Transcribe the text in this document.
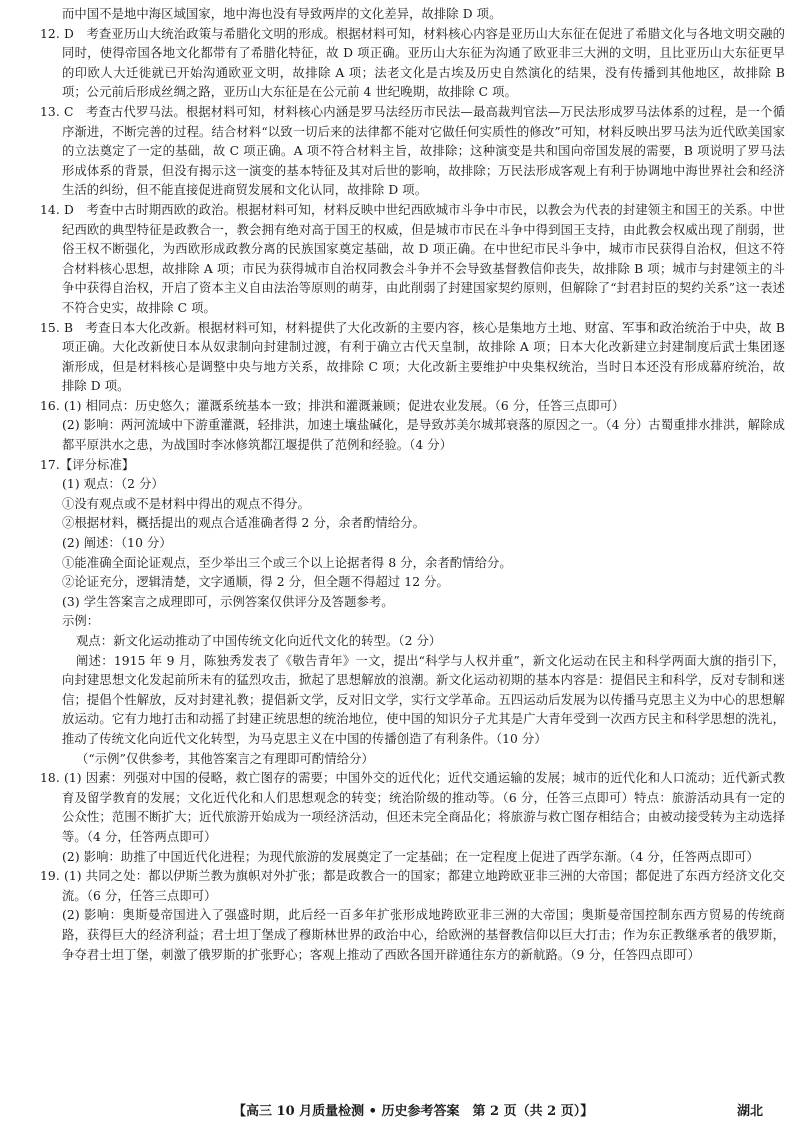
而中国不是地中海区域国家，地中海也没有导致两岸的文化差异，故排除 D 项。

12. D　考查亚历山大统治政策与希腊化文明的形成。根据材料可知，材料核心内容是亚历山大东征在促进了希腊文化与各地文明交融的同时，使得帝国各地文化都带有了希腊化特征，故 D 项正确。亚历山大东征为沟通了欧亚非三大洲的文明，且比亚历山大东征更早的印欧人大迁徙就已开始沟通欧亚文明，故排除 A 项；法老文化是古埃及历史自然演化的结果，没有传播到其他地区，故排除 B 项；公元前后形成丝绸之路，亚历山大东征是在公元前 4 世纪晚期，故排除 C 项。

13. C　考查古代罗马法。根据材料可知，材料核心内涵是罗马法经历市民法—最高裁判官法—万民法形成罗马法体系的过程，是一个循序渐进，不断完善的过程。结合材料“以致一切后来的法律都不能对它做任何实质性的修改”可知，材料反映出罗马法为近代欧美国家的立法奠定了一定的基础，故 C 项正确。A 项不符合材料主旨，故排除；这种演变是共和国向帝国发展的需要，B 项说明了罗马法形成体系的背景，但没有揭示这一演变的基本特征及其对后世的影响，故排除；万民法形成客观上有利于协调地中海世界社会和经济生活的纠纷，但不能直接促进商贸发展和文化认同，故排除 D 项。

14. D　考查中古时期西欧的政治。根据材料可知，材料反映中世纪西欧城市斗争中市民，以教会为代表的封建领主和国王的关系。中世纪西欧的典型特征是政教合一，教会拥有绝对高于国王的权威，但是城市市民在斗争中得到国王支持，由此教会权威出现了削弱，世俗王权不断强化，为西欧形成政教分离的民族国家奠定基础，故 D 项正确。在中世纪市民斗争中，城市市民获得自治权，但这不符合材料核心思想，故排除 A 项；市民为获得城市自治权同教会斗争并不会导致基督教信仰丧失，故排除 B 项；城市与封建领主的斗争中获得自治权，开启了资本主义自由法治等原则的萌芽，由此削弱了封建国家契约原则，但解除了“封君封臣的契约关系”这一表述不符合史实，故排除 C 项。

15. B　考查日本大化改新。根据材料可知，材料提供了大化改新的主要内容，核心是集地方土地、财富、军事和政治统治于中央，故 B 项正确。大化改新使日本从奴隶制向封建制过渡，有利于确立古代天皇制，故排除 A 项；日本大化改新建立封建制度后武士集团逐渐形成，但是材料核心是调整中央与地方关系，故排除 C 项；大化改新主要维护中央集权统治，当时日本还没有形成幕府统治，故排除 D 项。

16. (1) 相同点：历史悠久；灌溉系统基本一致；排洪和灌溉兼顾；促进农业发展。（6 分，任答三点即可）

(2) 影响：两河流域中下游重灌溉，轻排洪，加速土壤盐碱化，是导致苏美尔城邦衰落的原因之一。（4 分）古蜀重排水排洪，解除成都平原洪水之患，为战国时李冰修筑都江堰提供了范例和经验。（4 分）

17.【评分标准】

(1) 观点：（2 分）

①没有观点或不是材料中得出的观点不得分。

②根据材料，概括提出的观点合适准确者得 2 分，余者酌情给分。

(2) 阐述：（10 分）

①能准确全面论证观点，至少举出三个或三个以上论据者得 8 分，余者酌情给分。

②论证充分，逻辑清楚，文字通顺，得 2 分，但全题不得超过 12 分。

(3) 学生答案言之成理即可，示例答案仅供评分及答题参考。

示例：

观点：新文化运动推动了中国传统文化向近代文化的转型。（2 分）

阐述：1915 年 9 月，陈独秀发表了《敬告青年》一文，提出“科学与人权并重”，新文化运动在民主和科学两面大旗的指引下，向封建思想文化发起前所未有的猛烈攻击，掀起了思想解放的浪潮。新文化运动初期的基本内容是：提倡民主和科学，反对专制和迷信；提倡个性解放，反对封建礼教；提倡新文学，反对旧文学，实行文学革命。五四运动后发展为以传播马克思主义为中心的思想解放运动。它有力地打击和动摇了封建正统思想的统治地位，使中国的知识分子尤其是广大青年受到一次西方民主和科学思想的洗礼，推动了传统文化向近代文化转型，为马克思主义在中国的传播创造了有利条件。（10 分）

（“示例”仅供参考，其他答案言之有理即可酌情给分）

18. (1) 因素：列强对中国的侵略，救亡图存的需要；中国外交的近代化；近代交通运输的发展；城市的近代化和人口流动；近代新式教育及留学教育的发展；文化近代化和人们思想观念的转变；统治阶级的推动等。（6 分，任答三点即可）特点：旅游活动具有一定的公众性；范围不断扩大；近代旅游开始成为一项经济活动，但还未完全商品化；将旅游与救亡图存相结合；由被动接受转为主动选择等。（4 分，任答两点即可）

(2) 影响：助推了中国近代化进程；为现代旅游的发展奠定了一定基础；在一定程度上促进了西学东渐。（4 分，任答两点即可）

19. (1) 共同之处：都以伊斯兰教为旗帜对外扩张；都是政教合一的国家；都建立地跨欧亚非三洲的大帝国；都促进了东西方经济文化交流。（6 分，任答三点即可）

(2) 影响：奥斯曼帝国进入了强盛时期，此后经一百多年扩张形成地跨欧亚非三洲的大帝国；奥斯曼帝国控制东西方贸易的传统商路，获得巨大的经济利益；君士坦丁堡成了穆斯林世界的政治中心，给欧洲的基督教信仰以巨大打击；作为东正教继承者的俄罗斯，争夺君士坦丁堡，刺激了俄罗斯的扩张野心；客观上推动了西欧各国开辟通往东方的新航路。（9 分，任答四点即可）

【高三 10 月质量检测 • 历史参考答案　第 2 页（共 2 页）】	湖北
